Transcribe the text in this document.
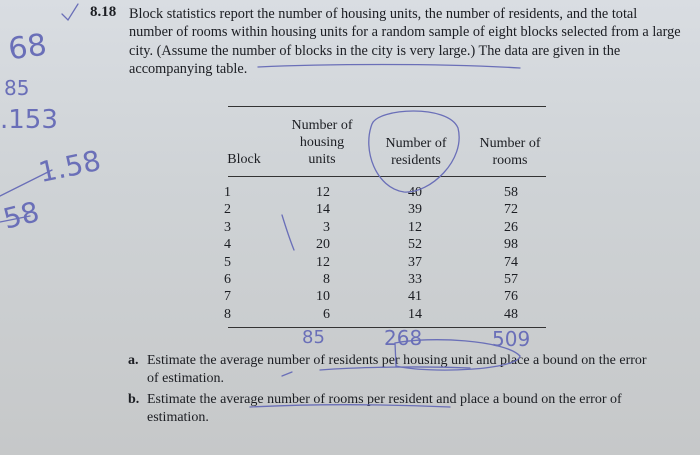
8.18 Block statistics report the number of housing units, the number of residents, and the total
number of rooms within housing units for a random sample of eight blocks selected from a large city. (Assume the number of blocks in the city is very large.) The data are given in the accompanying table.
Block
Number of housing units
Number of residents
Number of rooms
1
2
3
4
5
6
7
8
12
14
3
20
12
8
10
6
40
39
12
52
37
33
41
14
58
72
26
98
74
57
76
48
a. Estimate the average number of residents per housing unit and place a bound on the error of estimation.
b. Estimate the average number of rooms per resident and place a bound on the error of estimation.
68
85
.153
1.58
58
85	268	509
